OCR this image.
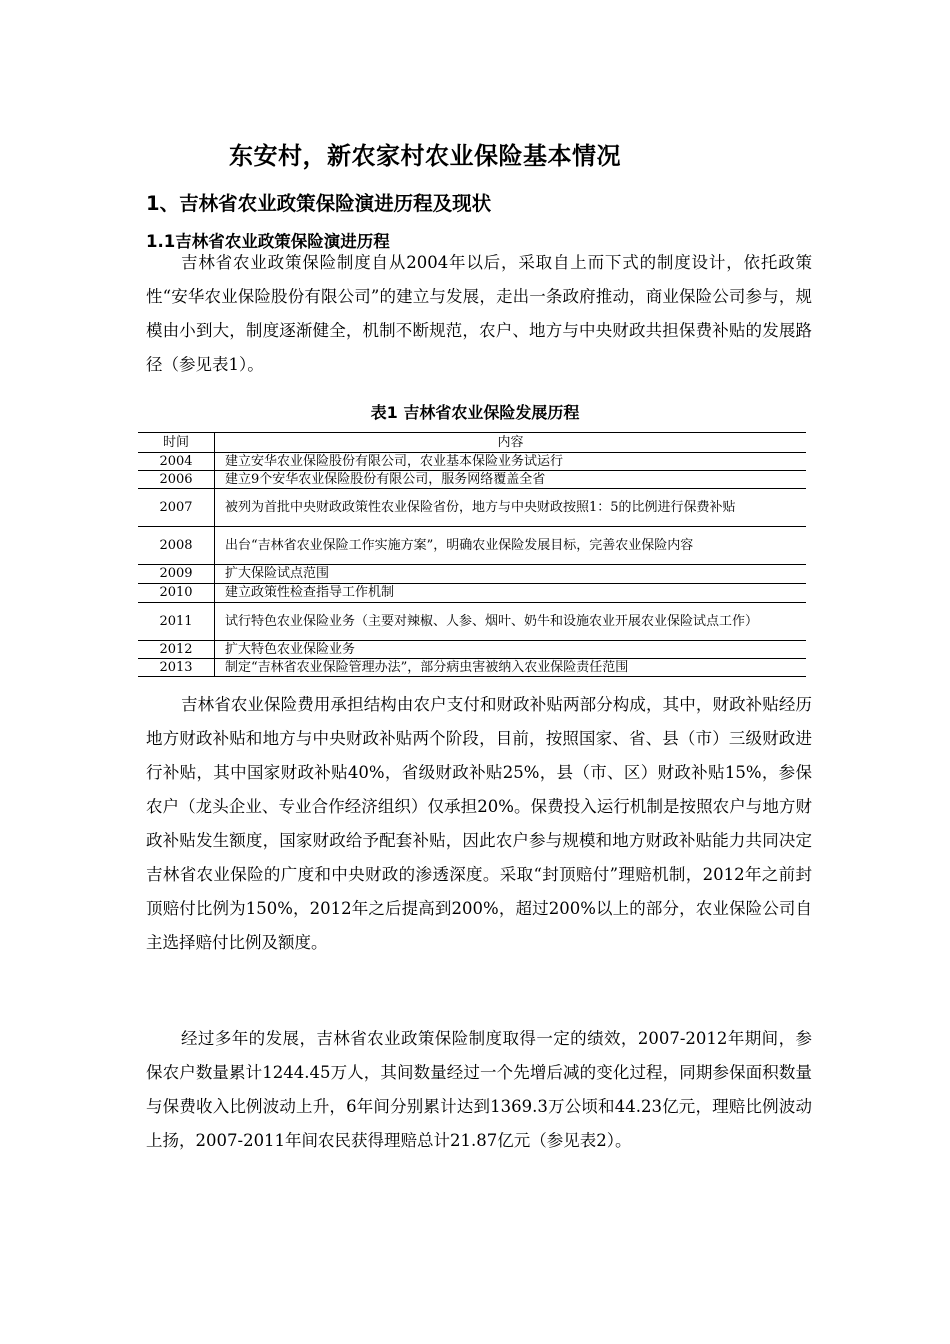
东安村，新农家村农业保险基本情况
1、吉林省农业政策保险演进历程及现状
1.1吉林省农业政策保险演进历程

吉林省农业政策保险制度自从2004年以后，采取自上而下式的制度设计，依托政策性“安华农业保险股份有限公司”的建立与发展，走出一条政府推动，商业保险公司参与，规模由小到大，制度逐渐健全，机制不断规范，农户、地方与中央财政共担保费补贴的发展路径（参见表1）。

表1 吉林省农业保险发展历程
时间	内容
2004	建立安华农业保险股份有限公司，农业基本保险业务试运行
2006	建立9个安华农业保险股份有限公司，服务网络覆盖全省
2007	被列为首批中央财政政策性农业保险省份，地方与中央财政按照1：5的比例进行保费补贴
2008	出台“吉林省农业保险工作实施方案”，明确农业保险发展目标，完善农业保险内容
2009	扩大保险试点范围
2010	建立政策性检查指导工作机制
2011	试行特色农业保险业务（主要对辣椒、人参、烟叶、奶牛和设施农业开展农业保险试点工作）
2012	扩大特色农业保险业务
2013	制定“吉林省农业保险管理办法”，部分病虫害被纳入农业保险责任范围

吉林省农业保险费用承担结构由农户支付和财政补贴两部分构成，其中，财政补贴经历地方财政补贴和地方与中央财政补贴两个阶段，目前，按照国家、省、县（市）三级财政进行补贴，其中国家财政补贴40%，省级财政补贴25%，县（市、区）财政补贴15%，参保农户（龙头企业、专业合作经济组织）仅承担20%。保费投入运行机制是按照农户与地方财政补贴发生额度，国家财政给予配套补贴，因此农户参与规模和地方财政补贴能力共同决定吉林省农业保险的广度和中央财政的渗透深度。采取“封顶赔付”理赔机制，2012年之前封顶赔付比例为150%，2012年之后提高到200%，超过200%以上的部分，农业保险公司自主选择赔付比例及额度。

经过多年的发展，吉林省农业政策保险制度取得一定的绩效，2007-2012年期间，参保农户数量累计1244.45万人，其间数量经过一个先增后减的变化过程，同期参保面积数量与保费收入比例波动上升，6年间分别累计达到1369.3万公顷和44.23亿元，理赔比例波动上扬，2007-2011年间农民获得理赔总计21.87亿元（参见表2）。
